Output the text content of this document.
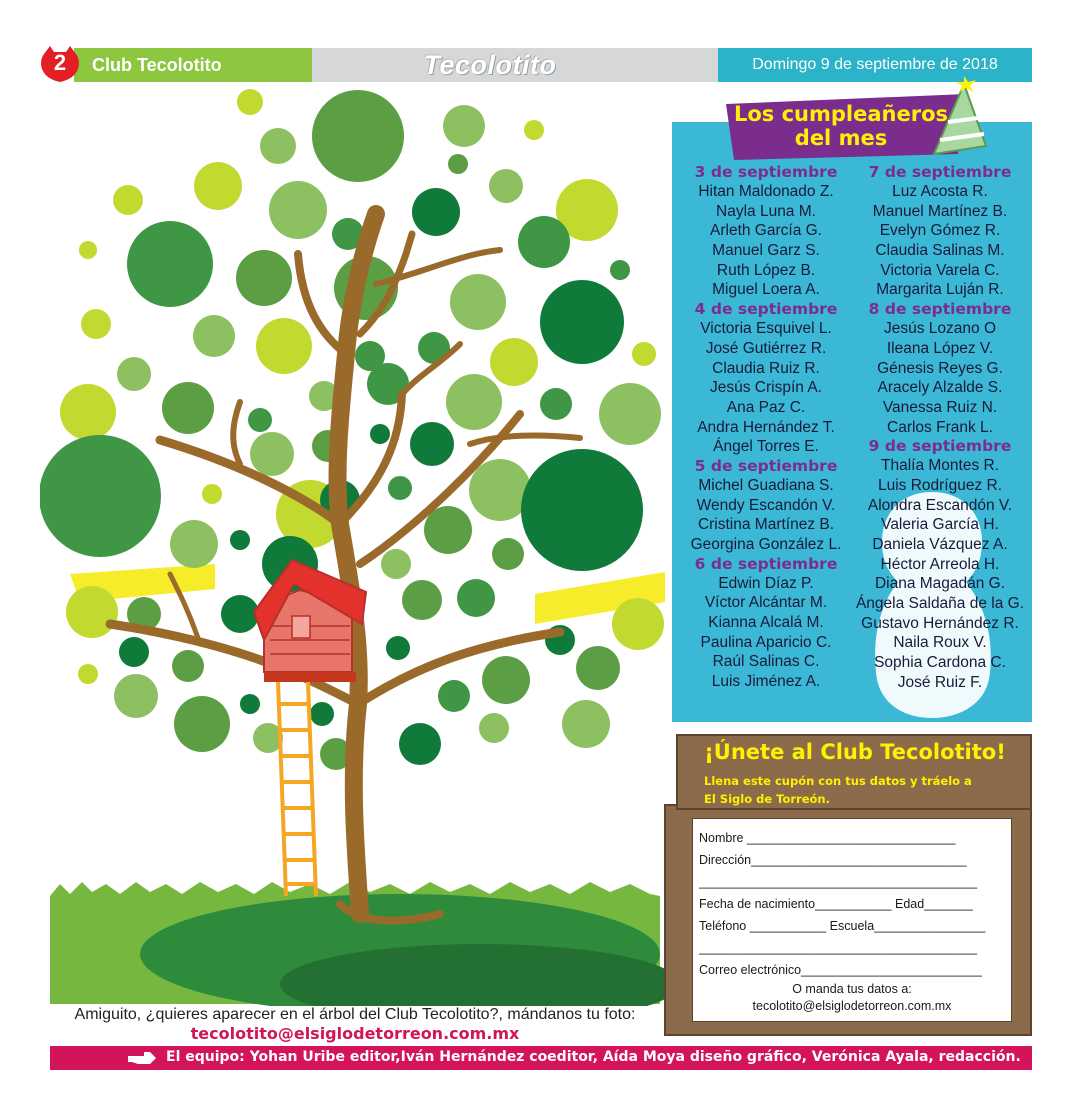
2	Club Tecolotito	Tecolotito	Domingo 9 de septiembre de 2018
Los cumpleañeros
del mes
3 de septiembre
Hitan Maldonado Z.
Nayla Luna M.
Arleth García G.
Manuel Garz S.
Ruth López B.
Miguel Loera A.
4 de septiembre
Victoria Esquivel L.
José Gutiérrez R.
Claudia Ruiz R.
Jesús Crispín A.
Ana Paz C.
Andra Hernández T.
Ángel Torres E.
5 de septiembre
Michel Guadiana S.
Wendy Escandón V.
Cristina Martínez B.
Georgina González L.
6 de septiembre
Edwin Díaz P.
Víctor Alcántar M.
Kianna Alcalá M.
Paulina Aparicio C.
Raúl Salinas C.
Luis Jiménez A.
7 de septiembre
Luz Acosta R.
Manuel Martínez B.
Evelyn Gómez R.
Claudia Salinas M.
Victoria Varela C.
Margarita Luján R.
8 de septiembre
Jesús Lozano O
Ileana López V.
Génesis Reyes G.
Aracely Alzalde S.
Vanessa Ruiz N.
Carlos Frank L.
9 de septiembre
Thalía Montes R.
Luis Rodríguez R.
Alondra Escandón V.
Valeria García H.
Daniela Vázquez A.
Héctor Arreola H.
Diana Magadán G.
Ángela Saldaña de la G.
Gustavo Hernández R.
Naila Roux V.
Sophia Cardona C.
José Ruiz F.
¡Únete al Club Tecolotito!
Llena este cupón con tus datos y tráelo a
El Siglo de Torreón.
Nombre ______________________________
Dirección_______________________________
________________________________________
Fecha de nacimiento___________ Edad_______
Teléfono ___________ Escuela________________
________________________________________
Correo electrónico__________________________
O manda tus datos a:
tecolotito@elsiglodetorreon.com.mx
Amiguito, ¿quieres aparecer en el árbol del Club Tecolotito?, mándanos tu foto:
tecolotito@elsiglodetorreon.com.mx
El equipo: Yohan Uribe editor,Iván Hernández coeditor, Aída Moya diseño gráfico, Verónica Ayala, redacción.
